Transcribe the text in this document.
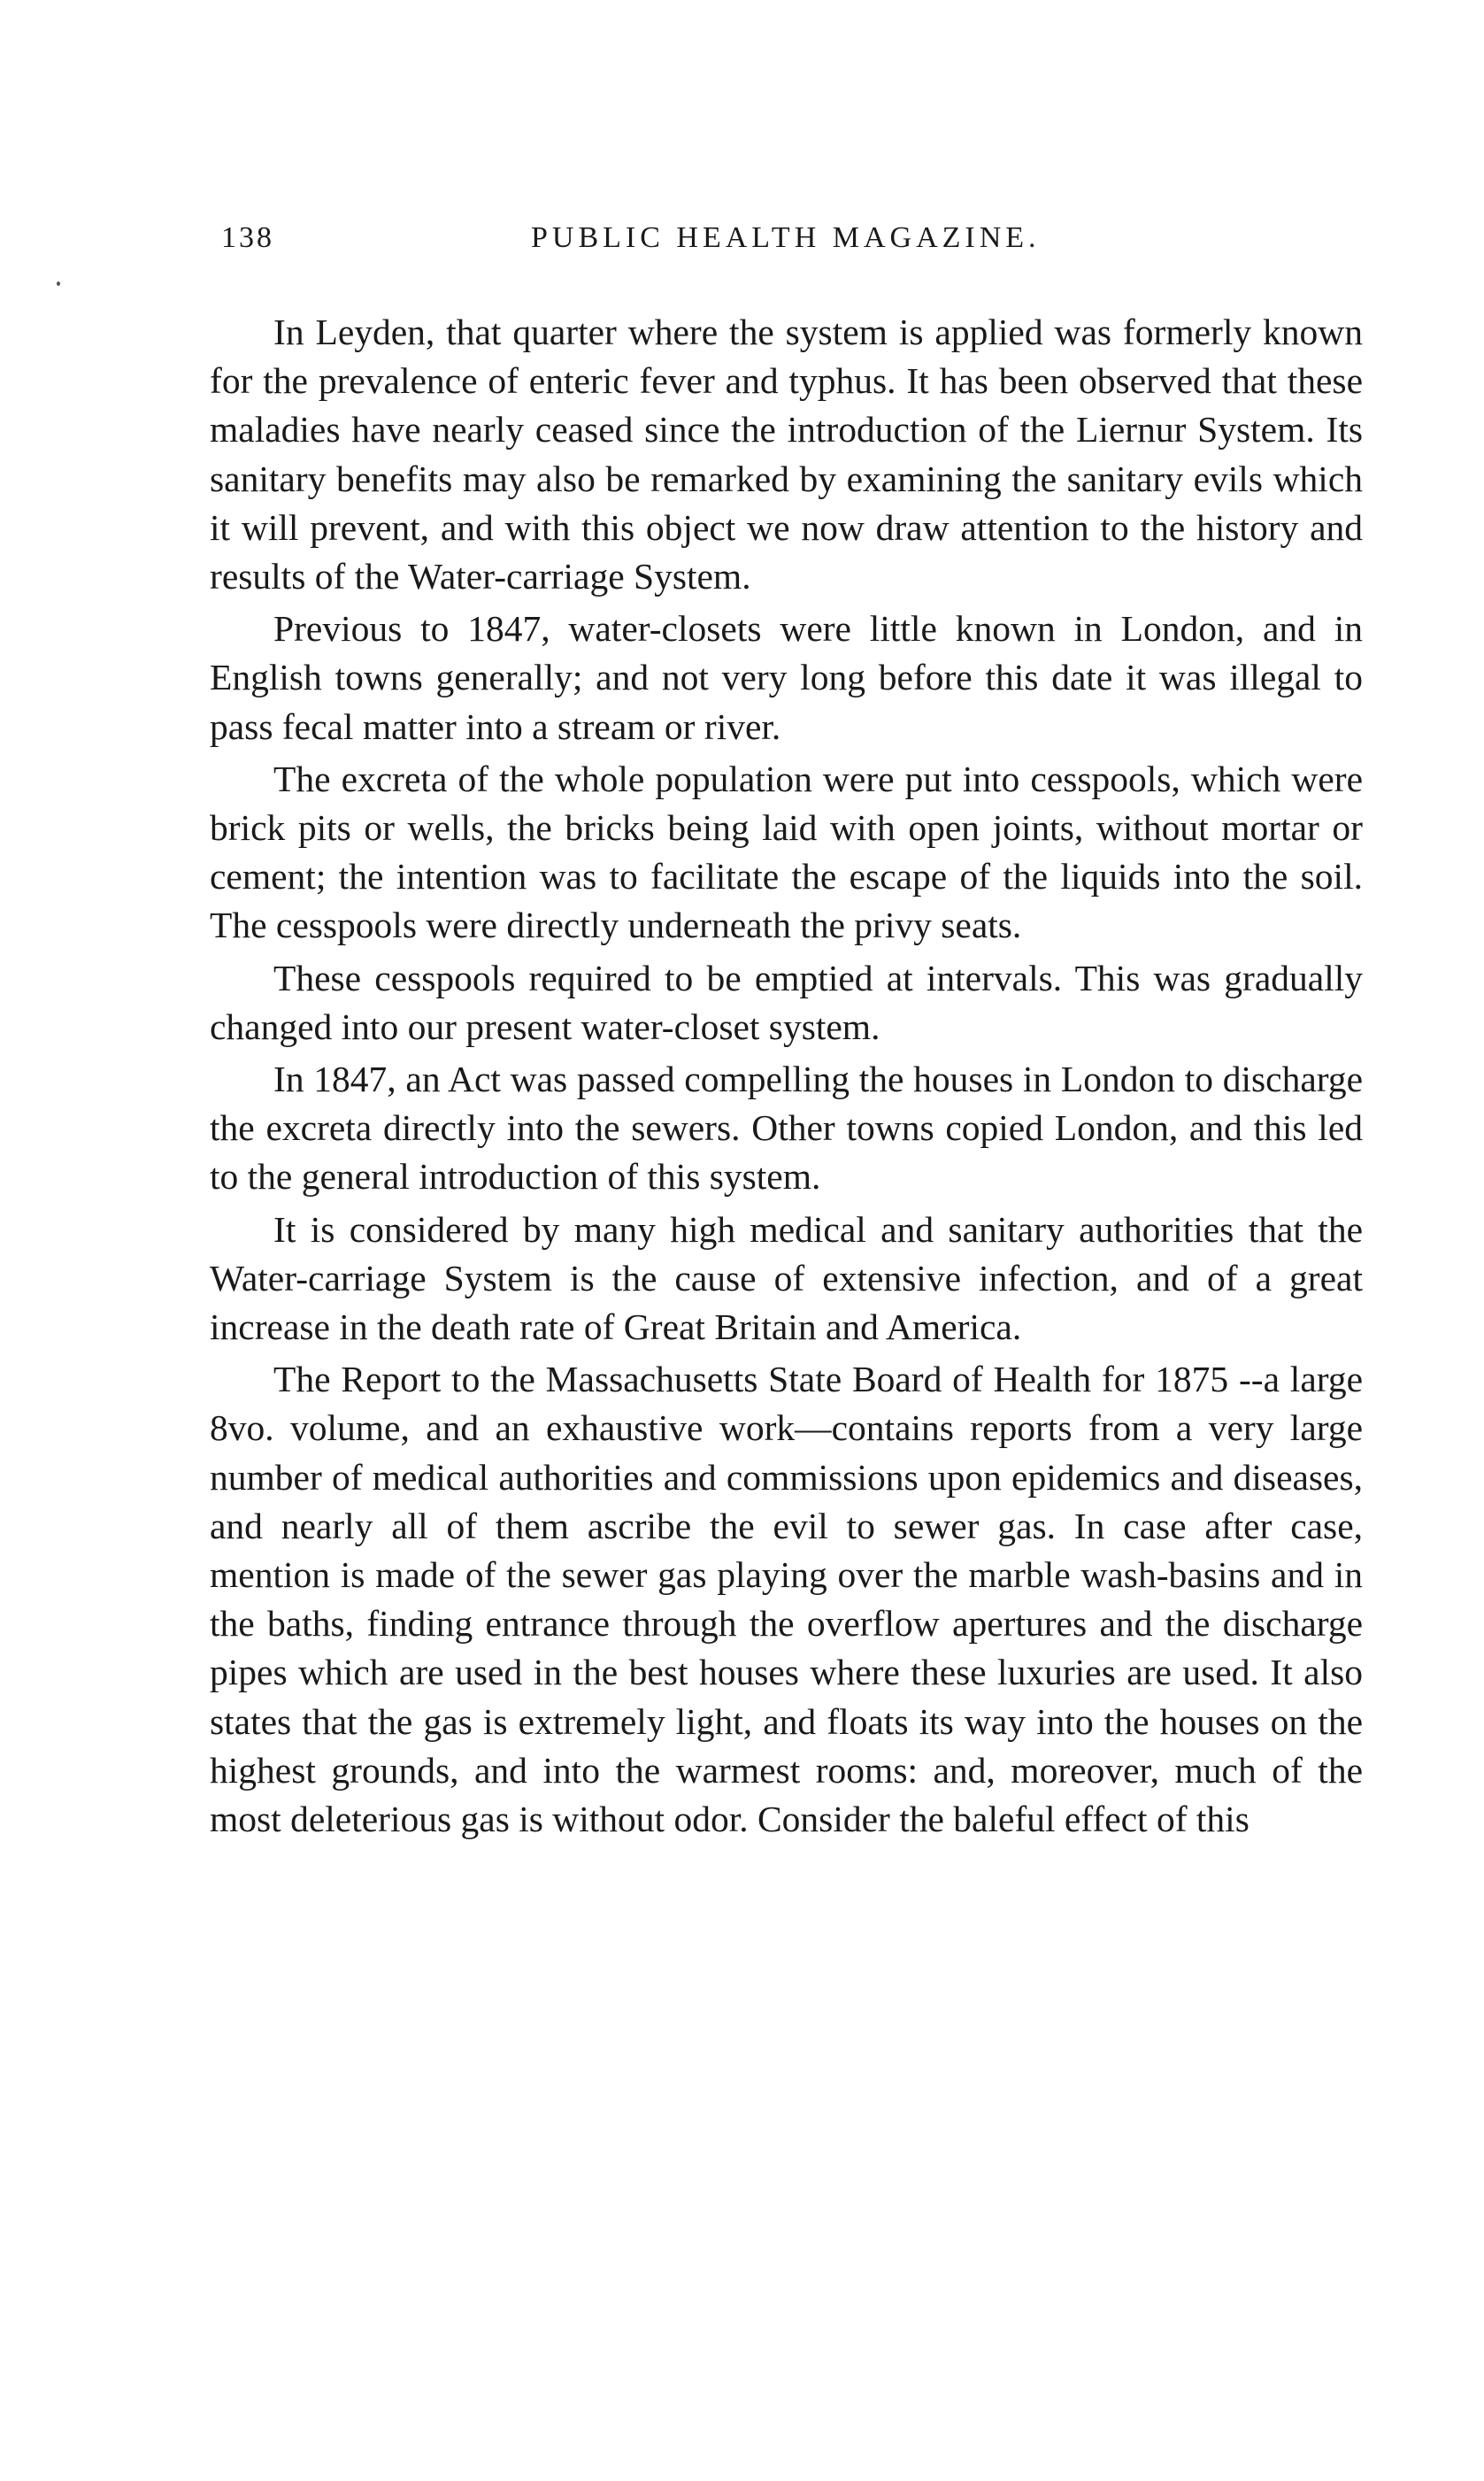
138	PUBLIC HEALTH MAGAZINE.

In Leyden, that quarter where the system is applied was formerly known for the prevalence of enteric fever and typhus. It has been observed that these maladies have nearly ceased since the introduction of the Liernur System. Its sanitary benefits may also be remarked by examining the sanitary evils which it will prevent, and with this object we now draw attention to the history and results of the Water-carriage System.

Previous to 1847, water-closets were little known in London, and in English towns generally; and not very long before this date it was illegal to pass fecal matter into a stream or river.

The excreta of the whole population were put into cesspools, which were brick pits or wells, the bricks being laid with open joints, without mortar or cement; the intention was to facilitate the escape of the liquids into the soil. The cesspools were directly underneath the privy seats.

These cesspools required to be emptied at intervals. This was gradually changed into our present water-closet system.

In 1847, an Act was passed compelling the houses in London to discharge the excreta directly into the sewers. Other towns copied London, and this led to the general introduction of this system.

It is considered by many high medical and sanitary authorities that the Water-carriage System is the cause of extensive infection, and of a great increase in the death rate of Great Britain and America.

The Report to the Massachusetts State Board of Health for 1875 --a large 8vo. volume, and an exhaustive work—contains reports from a very large number of medical authorities and commissions upon epidemics and diseases, and nearly all of them ascribe the evil to sewer gas. In case after case, mention is made of the sewer gas playing over the marble wash-basins and in the baths, finding entrance through the overflow apertures and the discharge pipes which are used in the best houses where these luxuries are used. It also states that the gas is extremely light, and floats its way into the houses on the highest grounds, and into the warmest rooms: and, moreover, much of the most deleterious gas is without odor. Consider the baleful effect of this
